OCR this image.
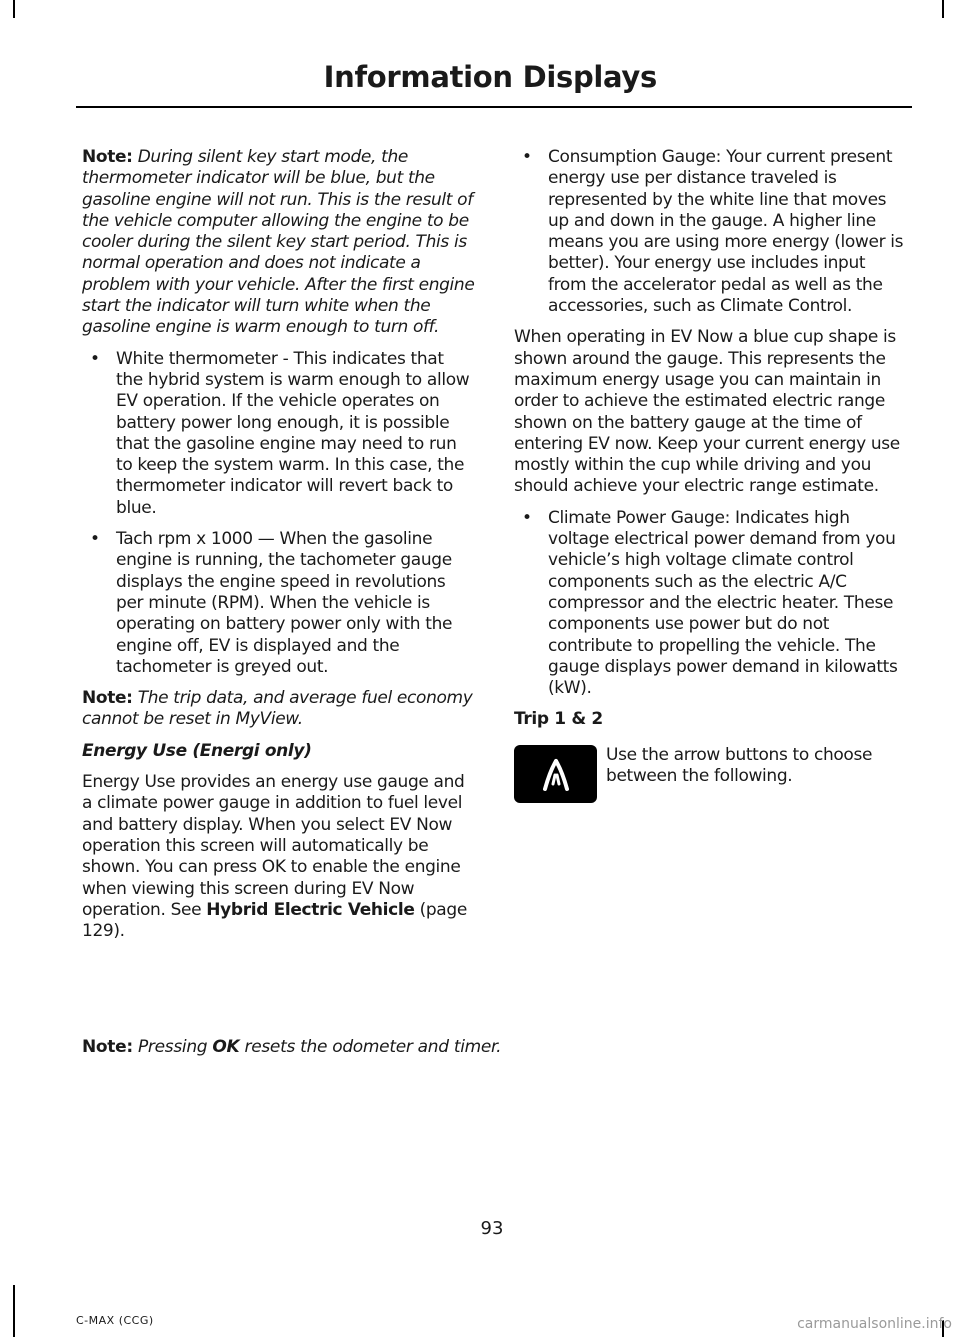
Information Displays

Note: During silent key start mode, the thermometer indicator will be blue, but the gasoline engine will not run. This is the result of the vehicle computer allowing the engine to be cooler during the silent key start period. This is normal operation and does not indicate a problem with your vehicle. After the first engine start the indicator will turn white when the gasoline engine is warm enough to turn off.

• White thermometer - This indicates that the hybrid system is warm enough to allow EV operation. If the vehicle operates on battery power long enough, it is possible that the gasoline engine may need to run to keep the system warm. In this case, the thermometer indicator will revert back to blue.
• Tach rpm x 1000 — When the gasoline engine is running, the tachometer gauge displays the engine speed in revolutions per minute (RPM). When the vehicle is operating on battery power only with the engine off, EV is displayed and the tachometer is greyed out.

Note: The trip data, and average fuel economy cannot be reset in MyView.

Energy Use (Energi only)

Energy Use provides an energy use gauge and a climate power gauge in addition to fuel level and battery display. When you select EV Now operation this screen will automatically be shown. You can press OK to enable the engine when viewing this screen during EV Now operation. See Hybrid Electric Vehicle (page 129).

• Consumption Gauge: Your current present energy use per distance traveled is represented by the white line that moves up and down in the gauge. A higher line means you are using more energy (lower is better). Your energy use includes input from the accelerator pedal as well as the accessories, such as Climate Control.

When operating in EV Now a blue cup shape is shown around the gauge. This represents the maximum energy usage you can maintain in order to achieve the estimated electric range shown on the battery gauge at the time of entering EV now. Keep your current energy use mostly within the cup while driving and you should achieve your electric range estimate.

• Climate Power Gauge: Indicates high voltage electrical power demand from you vehicle’s high voltage climate control components such as the electric A/C compressor and the electric heater. These components use power but do not contribute to propelling the vehicle. The gauge displays power demand in kilowatts (kW).

Trip 1 & 2

Use the arrow buttons to choose between the following.
Note: Pressing OK resets the odometer and timer.
93
C-MAX (CCG)	carmanualsonline.info
